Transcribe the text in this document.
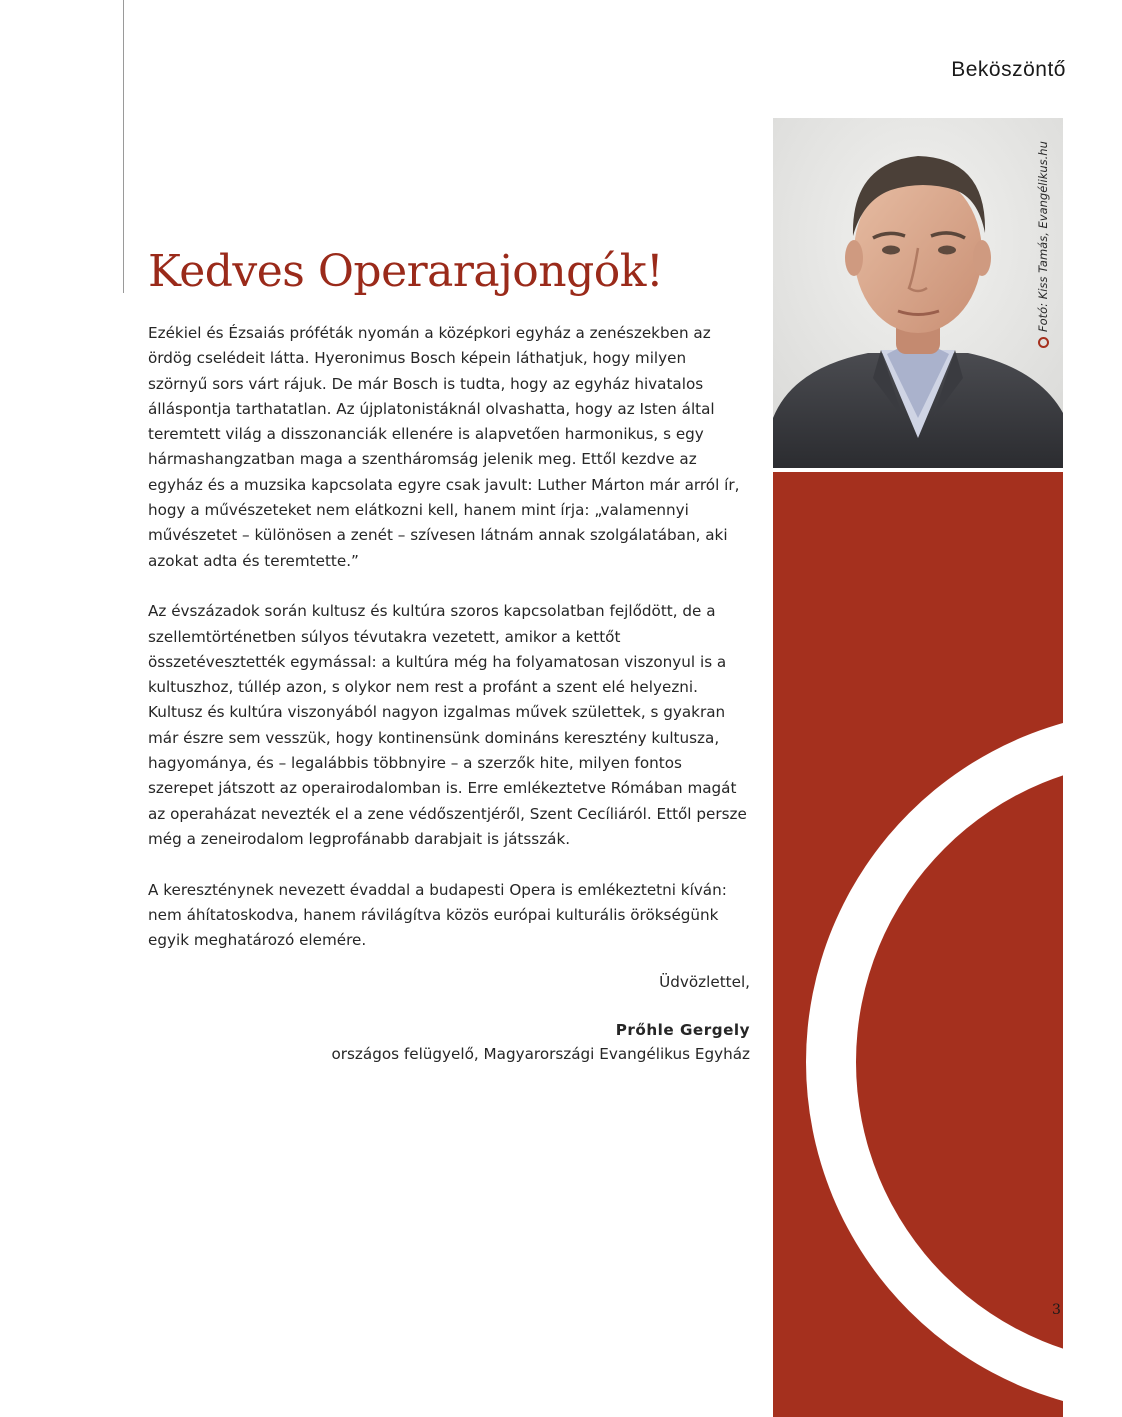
Beköszöntő
Fotó: Kiss Tamás, Evangélikus.hu
Kedves Operarajongók!

Ezékiel és Ézsaiás próféták nyomán a középkori egyház a zenészekben az ördög cselédeit látta. Hyeronimus Bosch képein láthatjuk, hogy milyen szörnyű sors várt rájuk. De már Bosch is tudta, hogy az egyház hivatalos álláspontja tarthatatlan. Az újplatonistáknál olvashatta, hogy az Isten által teremtett világ a disszonanciák ellenére is alapvetően harmonikus, s egy hármashangzatban maga a szentháromság jelenik meg. Ettől kezdve az egyház és a muzsika kapcsolata egyre csak javult: Luther Márton már arról ír, hogy a művészeteket nem elátkozni kell, hanem mint írja: „valamennyi művészetet – különösen a zenét – szívesen látnám annak szolgálatában, aki azokat adta és teremtette.”

Az évszázadok során kultusz és kultúra szoros kapcsolatban fejlődött, de a szellemtörténetben súlyos tévutakra vezetett, amikor a kettőt összetévesztették egymással: a kultúra még ha folyamatosan viszonyul is a kultuszhoz, túllép azon, s olykor nem rest a profánt a szent elé helyezni. Kultusz és kultúra viszonyából nagyon izgalmas művek születtek, s gyakran már észre sem vesszük, hogy kontinensünk domináns keresztény kultusza, hagyománya, és – legalábbis többnyire – a szerzők hite, milyen fontos szerepet játszott az operairodalomban is. Erre emlékeztetve Rómában magát az operaházat nevezték el a zene védőszentjéről, Szent Cecíliáról. Ettől persze még a zeneirodalom legprofánabb darabjait is játsszák.

A kereszténynek nevezett évaddal a budapesti Opera is emlékeztetni kíván: nem áhítatoskodva, hanem rávilágítva közös európai kulturális örökségünk egyik meghatározó elemére.

Üdvözlettel,

Prőhle Gergely

országos felügyelő, Magyarországi Evangélikus Egyház

3
